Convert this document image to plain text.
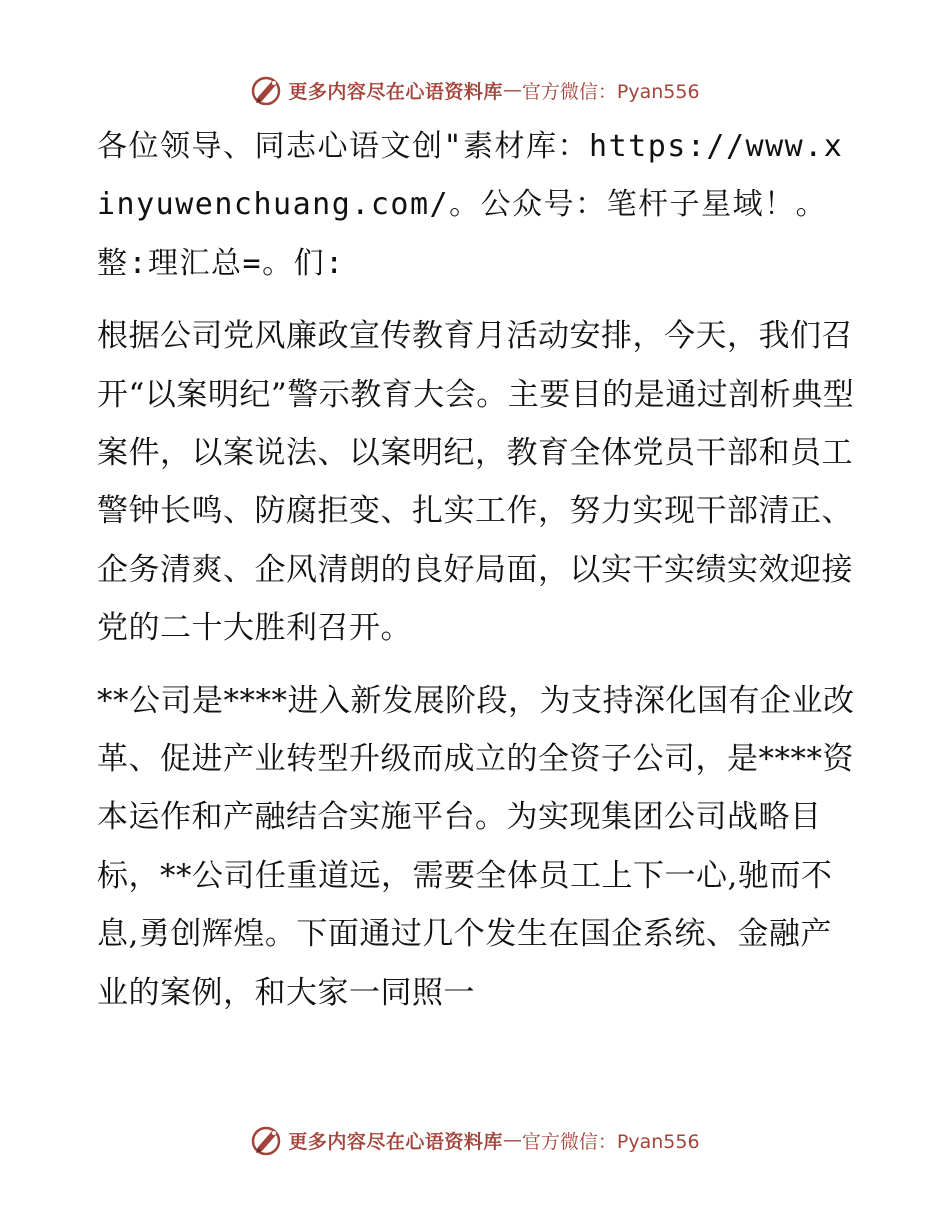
更多内容尽在心语资料库 — 官方微信：Pyan556

各位领导、同志心语文创"素材库：https://www.xinyuwenchuang.com/。公众号：笔杆子星域！。整:理汇总=。们:

根据公司党风廉政宣传教育月活动安排，今天，我们召开“以案明纪”警示教育大会。主要目的是通过剖析典型案件，以案说法、以案明纪，教育全体党员干部和员工警钟长鸣、防腐拒变、扎实工作，努力实现干部清正、企务清爽、企风清朗的良好局面，以实干实绩实效迎接党的二十大胜利召开。

**公司是****进入新发展阶段，为支持深化国有企业改革、促进产业转型升级而成立的全资子公司，是****资本运作和产融结合实施平台。为实现集团公司战略目标，**公司任重道远，需要全体员工上下一心,驰而不息,勇创辉煌。下面通过几个发生在国企系统、金融产业的案例，和大家一同照一

更多内容尽在心语资料库 — 官方微信：Pyan556
